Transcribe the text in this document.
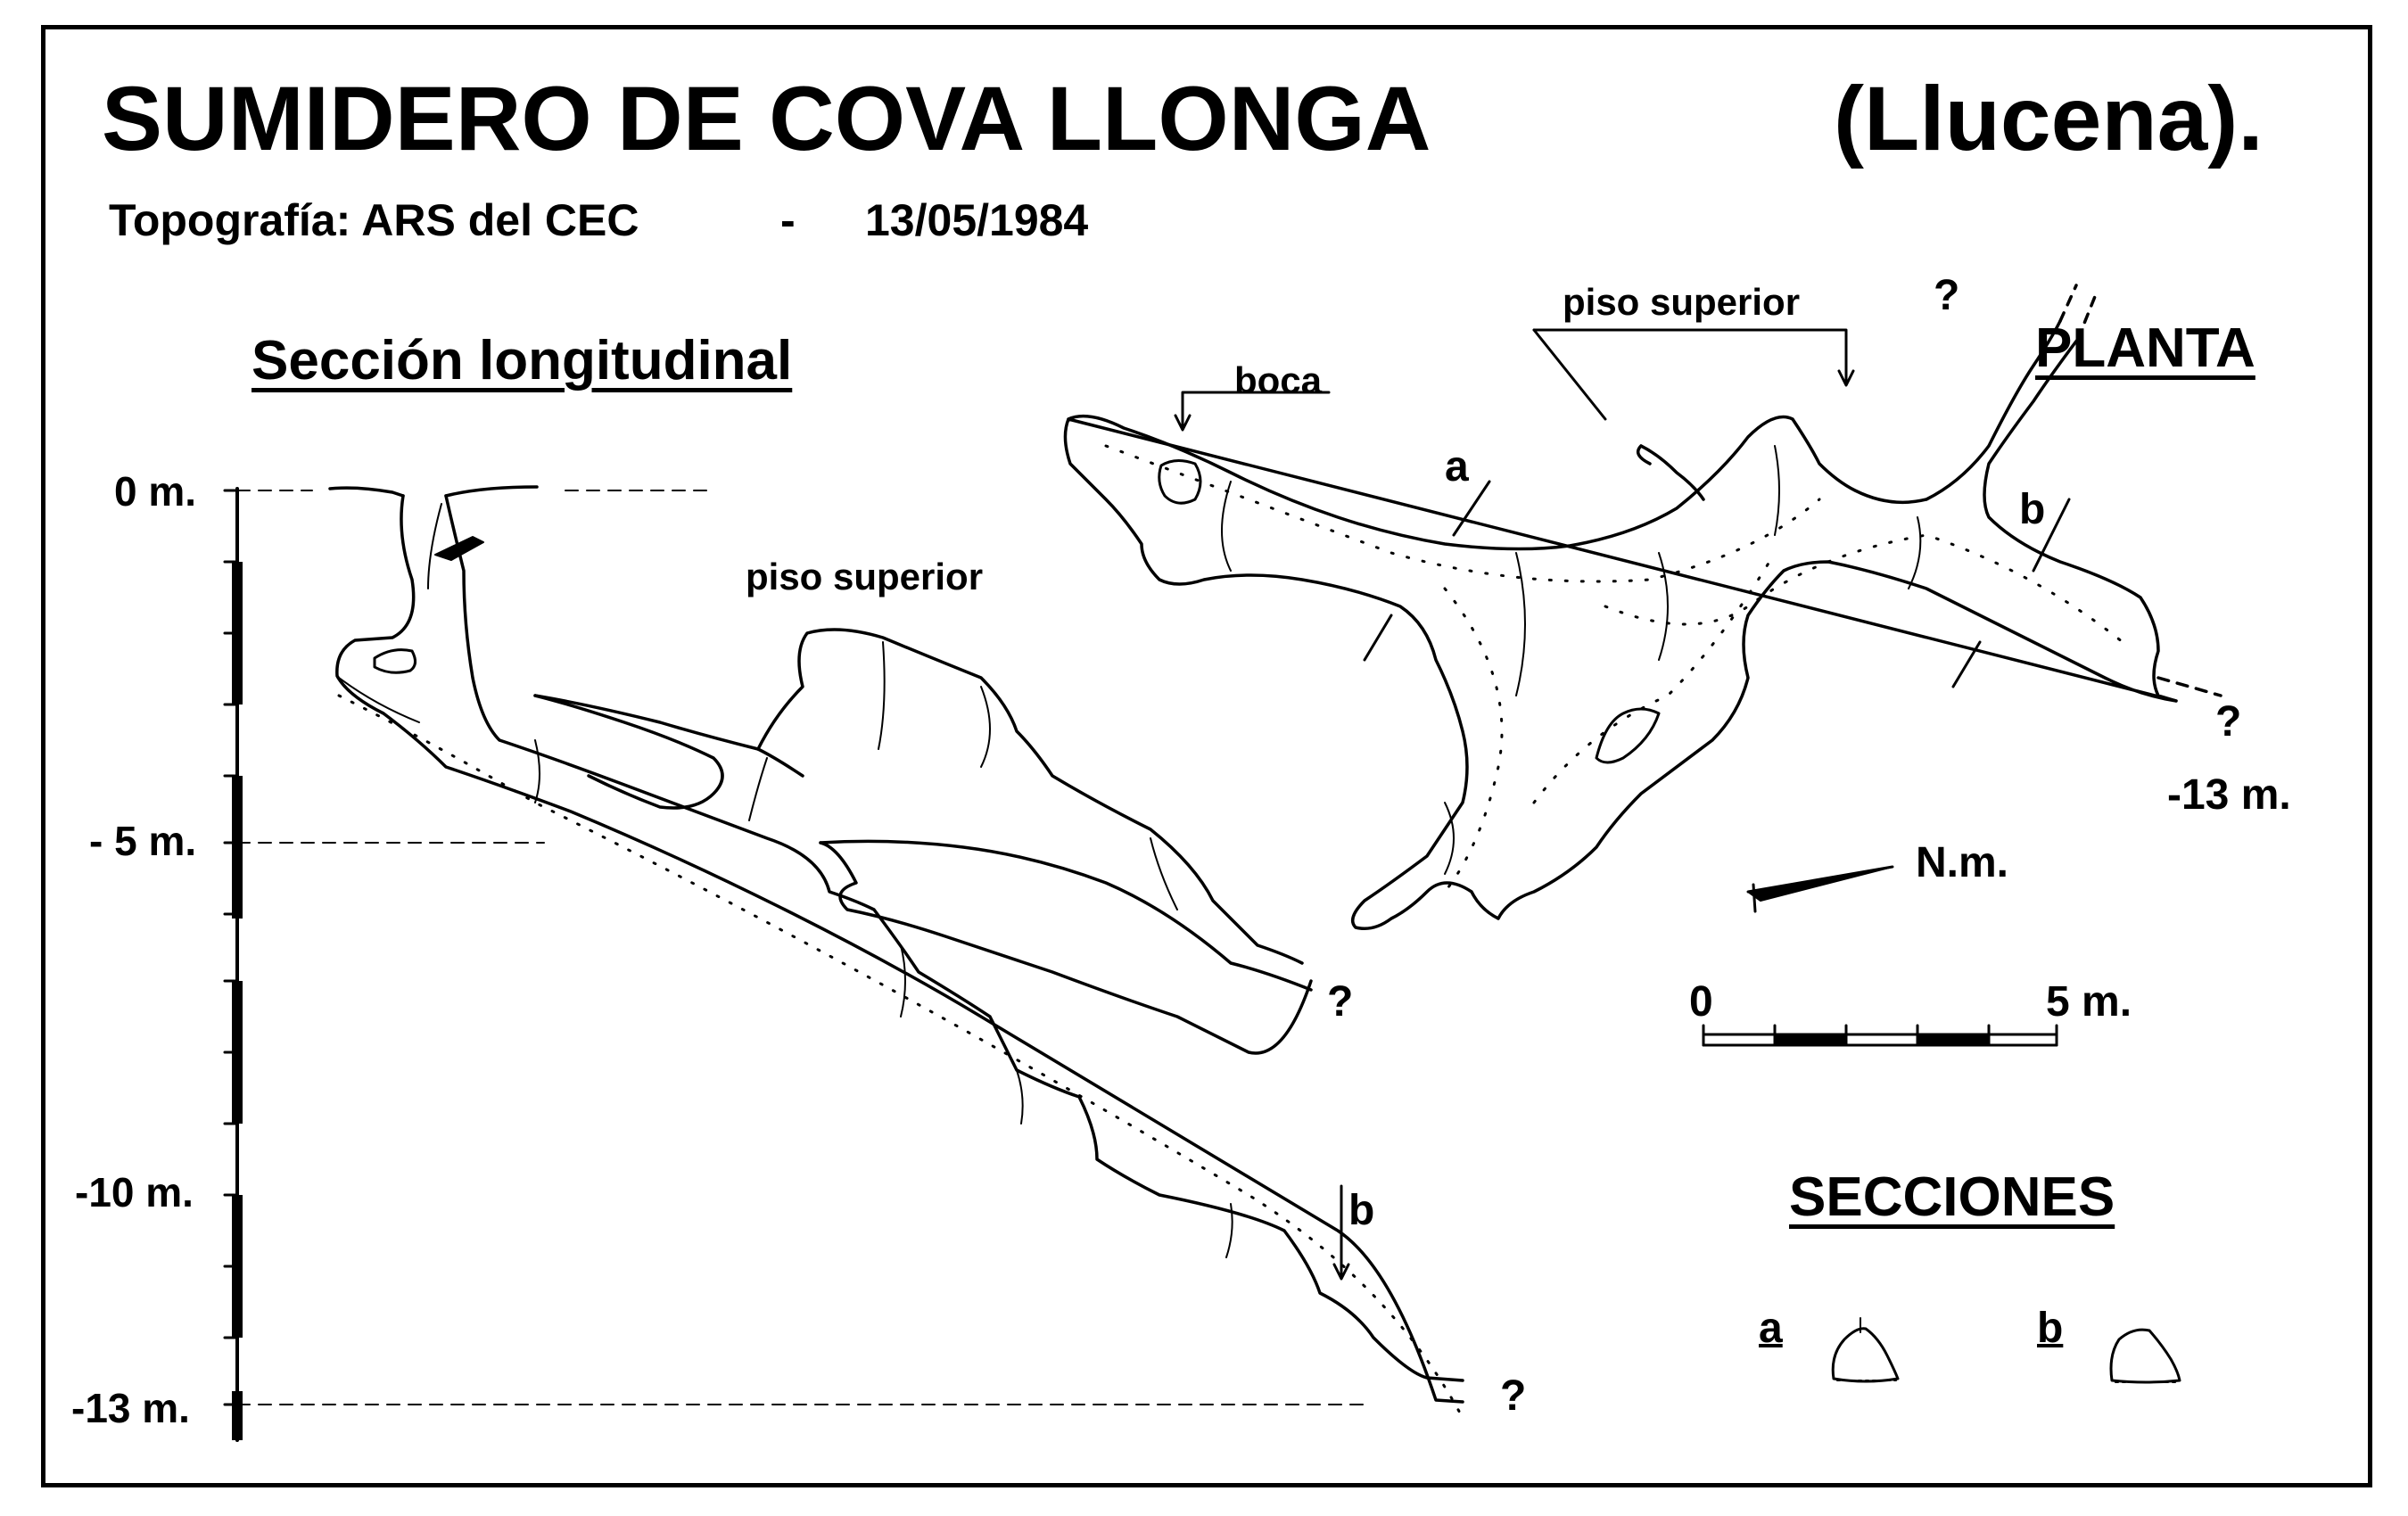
SUMIDERO DE COVA LLONGA	(Llucena).
Topografía: ARS del CEC	- 13/05/1984
Sección longitudinal	PLANTA
SECCIONES
0 m.
- 5 m.
-10 m.
-13 m.
piso superior
?
?
b
boca
piso superior
a
b
?
?
-13 m.
N.m.
0	5 m.
a	b
